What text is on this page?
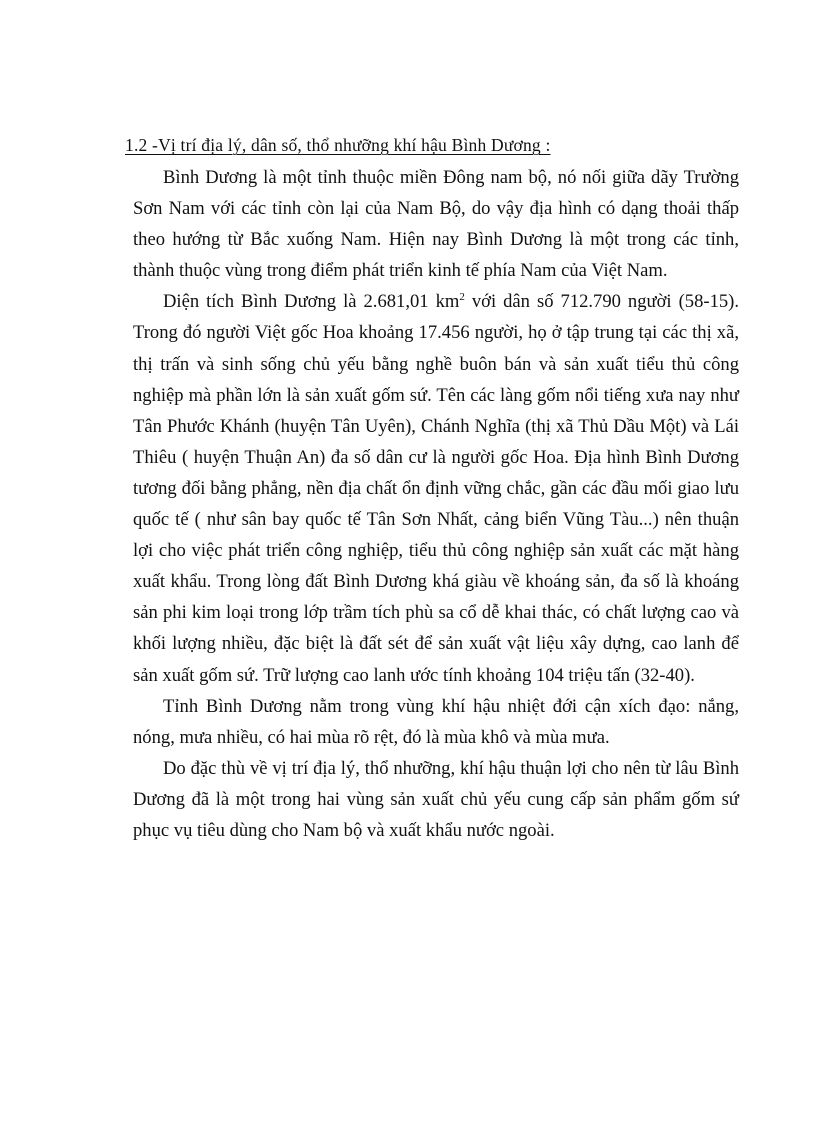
1.2 -Vị trí địa lý, dân số, thổ nhưỡng khí hậu Bình Dương :

Bình Dương là một tỉnh thuộc miền Đông nam bộ, nó nối giữa dãy Trường Sơn Nam với các tỉnh còn lại của Nam Bộ, do vậy địa hình có dạng thoải thấp theo hướng từ Bắc xuống Nam. Hiện nay Bình Dương là một trong các tỉnh, thành thuộc vùng trong điểm phát triển kinh tế phía Nam của Việt Nam.

Diện tích Bình Dương là 2.681,01 $km^2$ với dân số 712.790 người (58-15). Trong đó người Việt gốc Hoa khoảng 17.456 người, họ ở tập trung tại các thị xã, thị trấn và sinh sống chủ yếu bằng nghề buôn bán và sản xuất tiểu thủ công nghiệp mà phần lớn là sản xuất gốm sứ. Tên các làng gốm nổi tiếng xưa nay như Tân Phước Khánh (huyện Tân Uyên), Chánh Nghĩa (thị xã Thủ Dầu Một) và Lái Thiêu ( huyện Thuận An) đa số dân cư là người gốc Hoa. Địa hình Bình Dương tương đối bằng phẳng, nền địa chất ổn định vững chắc, gần các đầu mối giao lưu quốc tế ( như sân bay quốc tế Tân Sơn Nhất, cảng biển Vũng Tàu...) nên thuận lợi cho việc phát triển công nghiệp, tiểu thủ công nghiệp sản xuất các mặt hàng xuất khẩu. Trong lòng đất Bình Dương khá giàu về khoáng sản, đa số là khoáng sản phi kim loại trong lớp trầm tích phù sa cổ dễ khai thác, có chất lượng cao và khối lượng nhiều, đặc biệt là đất sét để sản xuất vật liệu xây dựng, cao lanh để sản xuất gốm sứ. Trữ lượng cao lanh ước tính khoảng 104 triệu tấn (32-40).

Tỉnh Bình Dương nằm trong vùng khí hậu nhiệt đới cận xích đạo: nắng, nóng, mưa nhiều, có hai mùa rõ rệt, đó là mùa khô và mùa mưa.

Do đặc thù về vị trí địa lý, thổ nhưỡng, khí hậu thuận lợi cho nên từ lâu Bình Dương đã là một trong hai vùng sản xuất chủ yếu cung cấp sản phẩm gốm sứ phục vụ tiêu dùng cho Nam bộ và xuất khẩu nước ngoài.
